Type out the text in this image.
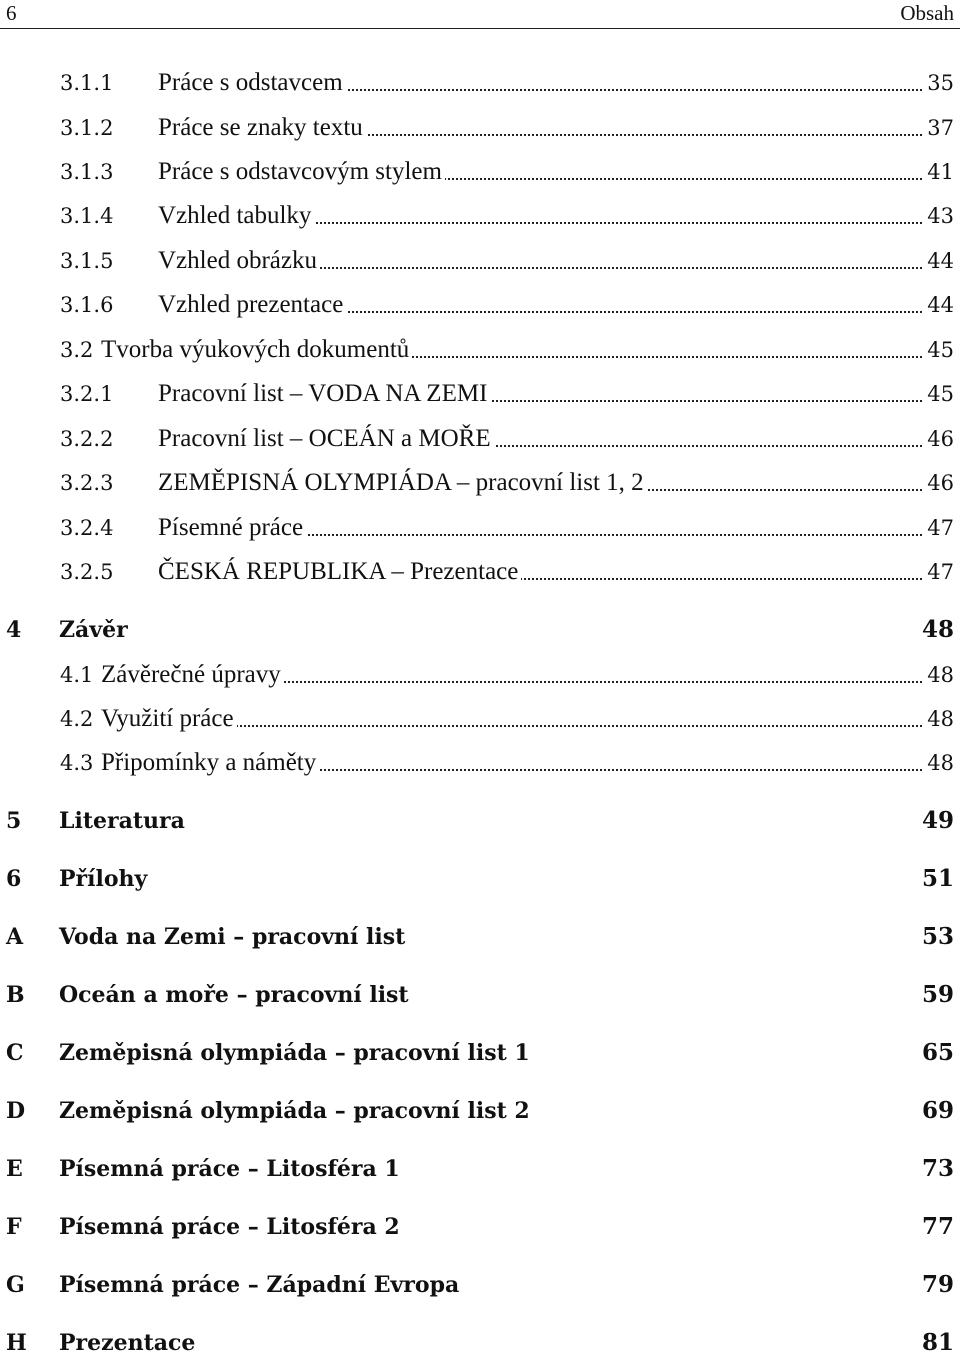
6	Obsah
3.1.1 Práce s odstavcem	35
3.1.2 Práce se znaky textu	37
3.1.3 Práce s odstavcovým stylem	41
3.1.4 Vzhled tabulky	43
3.1.5 Vzhled obrázku	44
3.1.6 Vzhled prezentace	44
3.2 Tvorba výukových dokumentů	45
3.2.1 Pracovní list – VODA NA ZEMI	45
3.2.2 Pracovní list – OCEÁN a MOŘE	46
3.2.3 ZEMĚPISNÁ OLYMPIÁDA – pracovní list 1, 2	46
3.2.4 Písemné práce	47
3.2.5 ČESKÁ REPUBLIKA – Prezentace	47
4 Závěr	48
4.1 Závěrečné úpravy	48
4.2 Využití práce	48
4.3 Připomínky a náměty	48
5 Literatura	49
6 Přílohy	51
A Voda na Zemi – pracovní list	53
B Oceán a moře – pracovní list	59
C Zeměpisná olympiáda – pracovní list 1	65
D Zeměpisná olympiáda – pracovní list 2	69
E Písemná práce – Litosféra 1	73
F Písemná práce – Litosféra 2	77
G Písemná práce – Západní Evropa	79
H Prezentace	81
